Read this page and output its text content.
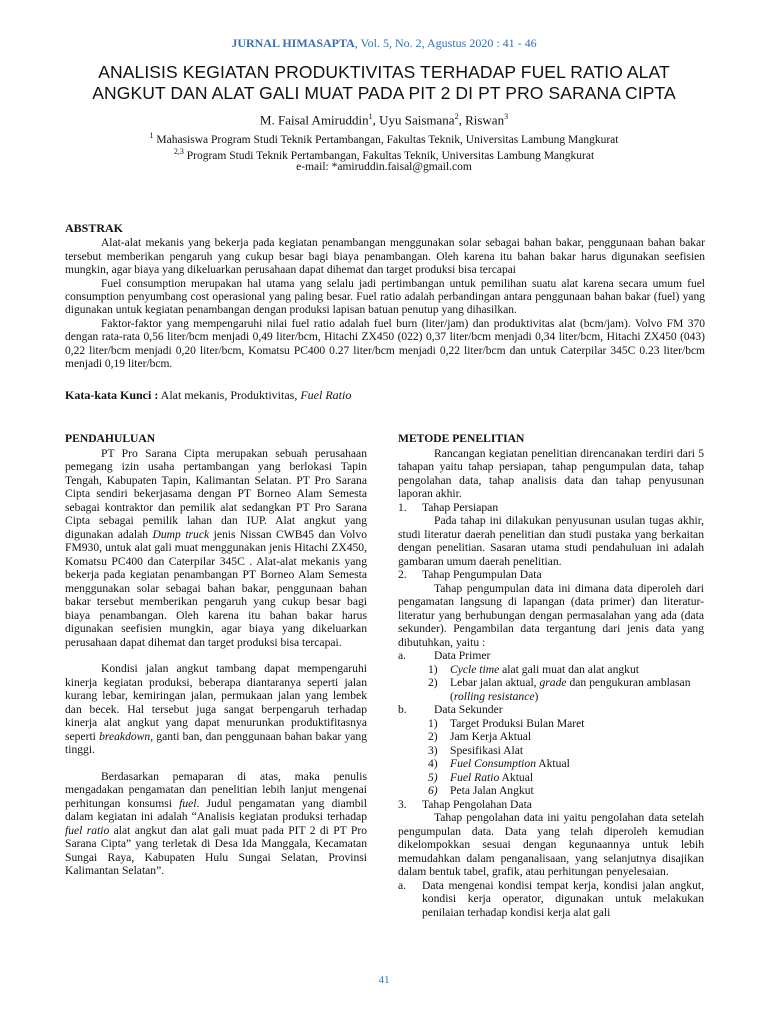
JURNAL HIMASAPTA, Vol. 5, No. 2, Agustus 2020 : 41 - 46
ANALISIS KEGIATAN PRODUKTIVITAS TERHADAP FUEL RATIO ALAT
ANGKUT DAN ALAT GALI MUAT PADA PIT 2 DI PT PRO SARANA CIPTA
M. Faisal Amiruddin$^1$, Uyu Saismana$^2$, Riswan$^3$
$^1$ Mahasiswa Program Studi Teknik Pertambangan, Fakultas Teknik, Universitas Lambung Mangkurat
$^{2,3}$ Program Studi Teknik Pertambangan, Fakultas Teknik, Universitas Lambung Mangkurat
e-mail: *amiruddin.faisal@gmail.com
ABSTRAK

Alat-alat mekanis yang bekerja pada kegiatan penambangan menggunakan solar sebagai bahan bakar, penggunaan bahan bakar tersebut memberikan pengaruh yang cukup besar bagi biaya penambangan. Oleh karena itu bahan bakar harus digunakan seefisien mungkin, agar biaya yang dikeluarkan perusahaan dapat dihemat dan target produksi bisa tercapai

Fuel consumption merupakan hal utama yang selalu jadi pertimbangan untuk pemilihan suatu alat karena secara umum fuel consumption penyumbang cost operasional yang paling besar. Fuel ratio adalah perbandingan antara penggunaan bahan bakar (fuel) yang digunakan untuk kegiatan penambangan dengan produksi lapisan batuan penutup yang dihasilkan.

Faktor-faktor yang mempengaruhi nilai fuel ratio adalah fuel burn (liter/jam) dan produktivitas alat (bcm/jam). Volvo FM 370 dengan rata-rata 0,56 liter/bcm menjadi 0,49 liter/bcm, Hitachi ZX450 (022) 0,37 liter/bcm menjadi 0,34 liter/bcm, Hitachi ZX450 (043) 0,22 liter/bcm menjadi 0,20 liter/bcm, Komatsu PC400 0.27 liter/bcm menjadi 0,22 liter/bcm dan untuk Caterpilar 345C 0.23 liter/bcm menjadi 0,19 liter/bcm.

Kata-kata Kunci : Alat mekanis, Produktivitas, Fuel Ratio
PENDAHULUAN

PT Pro Sarana Cipta merupakan sebuah perusahaan pemegang izin usaha pertambangan yang berlokasi Tapin Tengah, Kabupaten Tapin, Kalimantan Selatan. PT Pro Sarana Cipta sendiri bekerjasama dengan PT Borneo Alam Semesta sebagai kontraktor dan pemilik alat sedangkan PT Pro Sarana Cipta sebagai pemilik lahan dan IUP. Alat angkut yang digunakan adalah Dump truck jenis Nissan CWB45 dan Volvo FM930, untuk alat gali muat menggunakan jenis Hitachi ZX450, Komatsu PC400 dan Caterpilar 345C . Alat-alat mekanis yang bekerja pada kegiatan penambangan PT Borneo Alam Semesta menggunakan solar sebagai bahan bakar, penggunaan bahan bakar tersebut memberikan pengaruh yang cukup besar bagi biaya penambangan. Oleh karena itu bahan bakar harus digunakan seefisien mungkin, agar biaya yang dikeluarkan perusahaan dapat dihemat dan target produksi bisa tercapai.

Kondisi jalan angkut tambang dapat mempengaruhi kinerja kegiatan produksi, beberapa diantaranya seperti jalan kurang lebar, kemiringan jalan, permukaan jalan yang lembek dan becek. Hal tersebut juga sangat berpengaruh terhadap kinerja alat angkut yang dapat menurunkan produktifitasnya seperti breakdown, ganti ban, dan penggunaan bahan bakar yang tinggi.

Berdasarkan pemaparan di atas, maka penulis mengadakan pengamatan dan penelitian lebih lanjut mengenai perhitungan konsumsi fuel. Judul pengamatan yang diambil dalam kegiatan ini adalah “Analisis kegiatan produksi terhadap fuel ratio alat angkut dan alat gali muat pada PIT 2 di PT Pro Sarana Cipta” yang terletak di Desa Ida Manggala, Kecamatan Sungai Raya, Kabupaten Hulu Sungai Selatan, Provinsi Kalimantan Selatan”.

METODE PENELITIAN

Rancangan kegiatan penelitian direncanakan terdiri dari 5 tahapan yaitu tahap persiapan, tahap pengumpulan data, tahap pengolahan data, tahap analisis data dan tahap penyusunan laporan akhir.

1.	Tahap Persiapan

Pada tahap ini dilakukan penyusunan usulan tugas akhir, studi literatur daerah penelitian dan studi pustaka yang berkaitan dengan penelitian. Sasaran utama studi pendahuluan ini adalah gambaran umum daerah penelitian.

2.	Tahap Pengumpulan Data

Tahap pengumpulan data ini dimana data diperoleh dari pengamatan langsung di lapangan (data primer) dan literatur-literatur yang berhubungan dengan permasalahan yang ada (data sekunder). Pengambilan data tergantung dari jenis data yang dibutuhkan, yaitu :

a.	Data Primer
1)	Cycle time alat gali muat dan alat angkut
2)	Lebar jalan aktual, grade dan pengukuran amblasan (rolling resistance)
b.	Data Sekunder
1)	Target Produksi Bulan Maret
2)	Jam Kerja Aktual
3)	Spesifikasi Alat
4)	Fuel Consumption Aktual
5)	Fuel Ratio Aktual
6)	Peta Jalan Angkut
3.	Tahap Pengolahan Data

Tahap pengolahan data ini yaitu pengolahan data setelah pengumpulan data. Data yang telah diperoleh kemudian dikelompokkan sesuai dengan kegunaannya untuk lebih memudahkan dalam penganalisaan, yang selanjutnya disajikan dalam bentuk tabel, grafik, atau perhitungan penyelesaian.

a.	Data mengenai kondisi tempat kerja, kondisi jalan angkut, kondisi kerja operator, digunakan untuk melakukan penilaian terhadap kondisi kerja alat gali
41
